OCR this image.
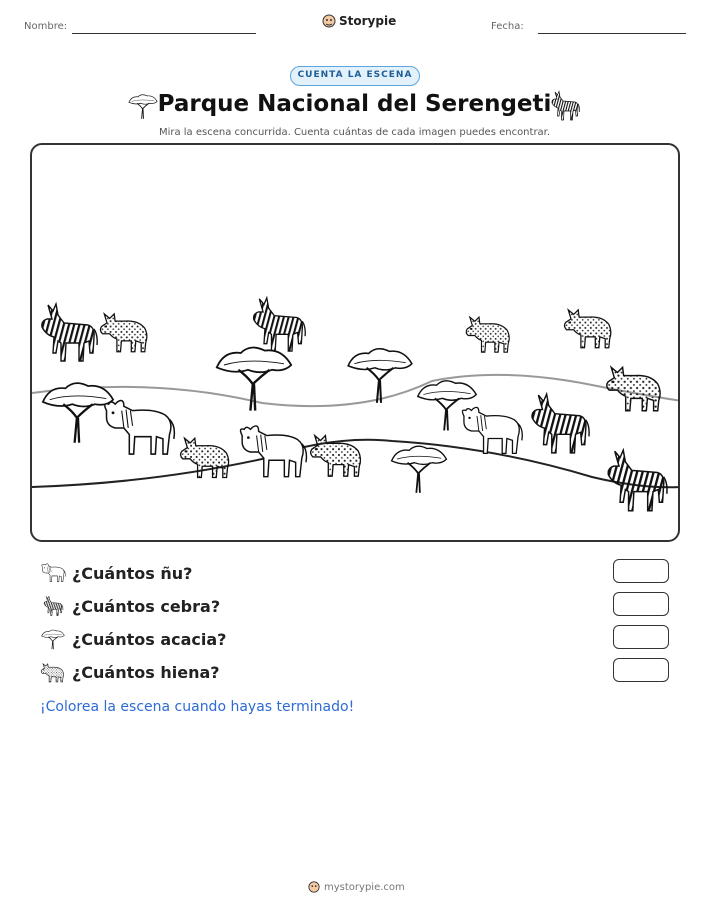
Nombre:	Storypie	Fecha:
CUENTA LA ESCENA
Parque Nacional del Serengeti
Mira la escena concurrida. Cuenta cuántas de cada imagen puedes encontrar.
¿Cuántos ñu?
¿Cuántos cebra?
¿Cuántos acacia?
¿Cuántos hiena?
¡Colorea la escena cuando hayas terminado!
mystorypie.com
